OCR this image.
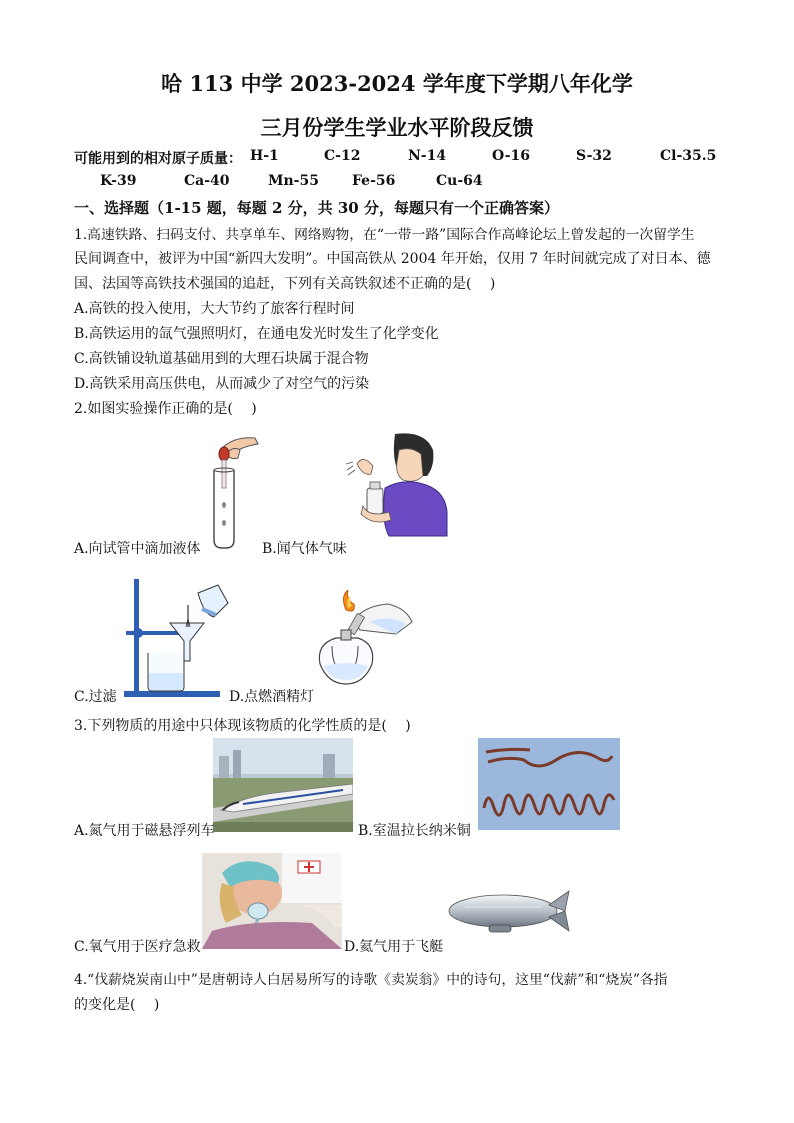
哈 113 中学 2023-2024 学年度下学期八年化学
三月份学生学业水平阶段反馈
可能用到的相对原子质量： H-1	C-12	N-14	O-16	S-32	Cl-35.5
K-39	Ca-40	Mn-55 Fe-56	Cu-64
一、选择题（1-15 题，每题 2 分，共 30 分，每题只有一个正确答案）
1.高速铁路、扫码支付、共享单车、网络购物，在“一带一路”国际合作高峰论坛上曾发起的一次留学生
民间调查中，被评为中国“新四大发明”。中国高铁从 2004 年开始，仅用 7 年时间就完成了对日本、德
国、法国等高铁技术强国的追赶，下列有关高铁叙述不正确的是(　 )
A.高铁的投入使用，大大节约了旅客行程时间
B.高铁运用的氙气强照明灯，在通电发光时发生了化学变化
C.高铁铺设轨道基础用到的大理石块属于混合物
D.高铁采用高压供电，从而减少了对空气的污染
2.如图实验操作正确的是(　 )
A.向试管中滴加液体	B.闻气体气味
C.过滤	D.点燃酒精灯
3.下列物质的用途中只体现该物质的化学性质的是(　 )
A.氮气用于磁悬浮列车	B.室温拉长纳米铜
C.氧气用于医疗急救	D.氦气用于飞艇
4.“伐薪烧炭南山中”是唐朝诗人白居易所写的诗歌《卖炭翁》中的诗句，这里“伐薪”和“烧炭”各指
的变化是(　 )
